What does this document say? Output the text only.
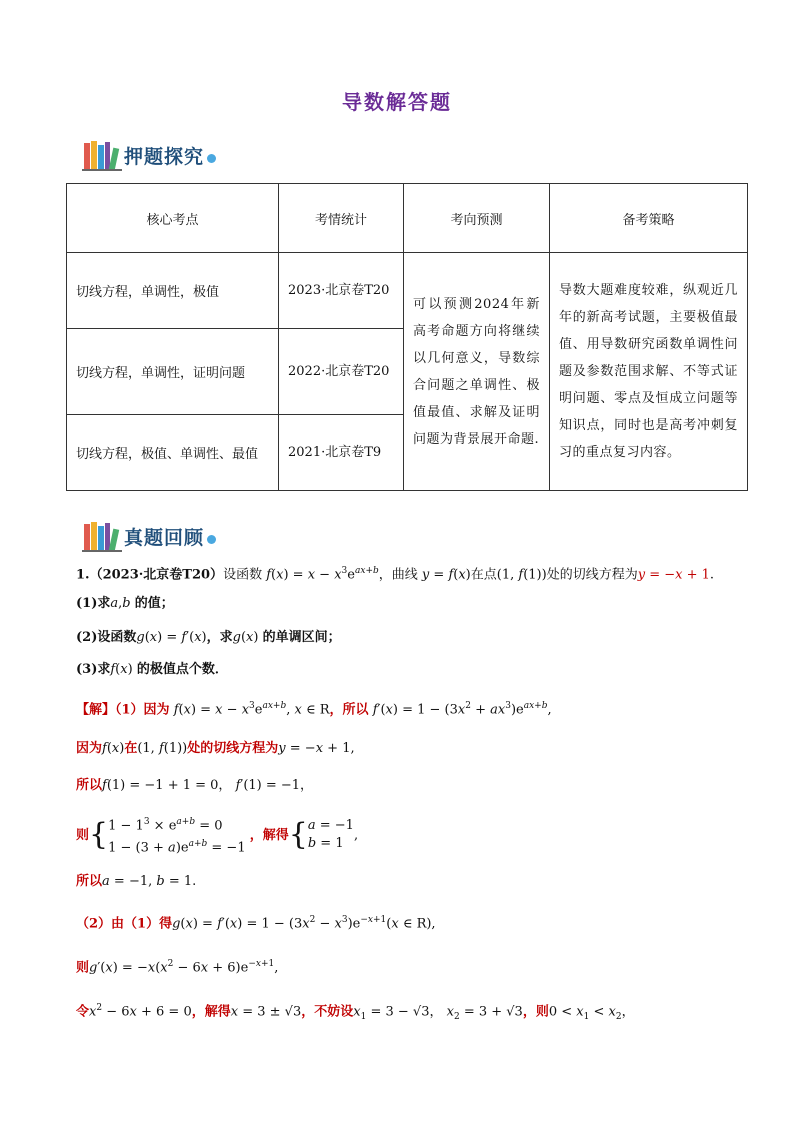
导数解答题
押题探究
核心考点	考情统计	考向预测	备考策略
切线方程，单调性，极值	2023·北京卷T20	可以预测2024年新高考命题方向将继续以几何意义，导数综合问题之单调性、极值最值、求解及证明问题为背景展开命题.	导数大题难度较难，纵观近几年的新高考试题，主要极值最值、用导数研究函数单调性问题及参数范围求解、不等式证明问题、零点及恒成立问题等知识点，同时也是高考冲刺复习的重点复习内容。
切线方程，单调性，证明问题	2022·北京卷T20		
切线方程，极值、单调性、最值	2021·北京卷T9		
真题回顾
1.（2023·北京卷T20）设函数 $f(x) = x - x^3e^{ax+b}$，曲线 y = f(x)在点(1, f(1))处的切线方程为y = −x + 1.
(1)求a,b 的值；
(2)设函数g(x) = f′(x)，求g(x) 的单调区间；
(3)求f(x) 的极值点个数．
【解】（1）因为 $f(x) = x - x^3e^{ax+b}$, x ∈ R，所以 $f'(x) = 1 - (3x^2 + ax^3)e^{ax+b}$,
因为f(x)在(1, f(1))处的切线方程为y = −x + 1,
所以f(1) = −1 + 1 = 0， f′(1) = −1，
则{$1 - 1^3 \times e^{a+b} = 0$
$1 - (3 + a)e^{a+b} = -1$ ，解得{a = −1
b = 1,
所以a = −1, b = 1.
（2）由（1）得$g(x) = f'(x) = 1 - (3x^2 - x^3)e^{-x+1}(x$ ∈ R),
则$g'(x) = -x(x^2 - 6x + 6)e^{-x+1}$,
令$x^2 - 6x + 6 = 0$，解得x = 3 ± √3，不妨设$x_1 = 3 - √3$， $x_2 = 3 + √3$，则$0 < x_1 < x_2$，
